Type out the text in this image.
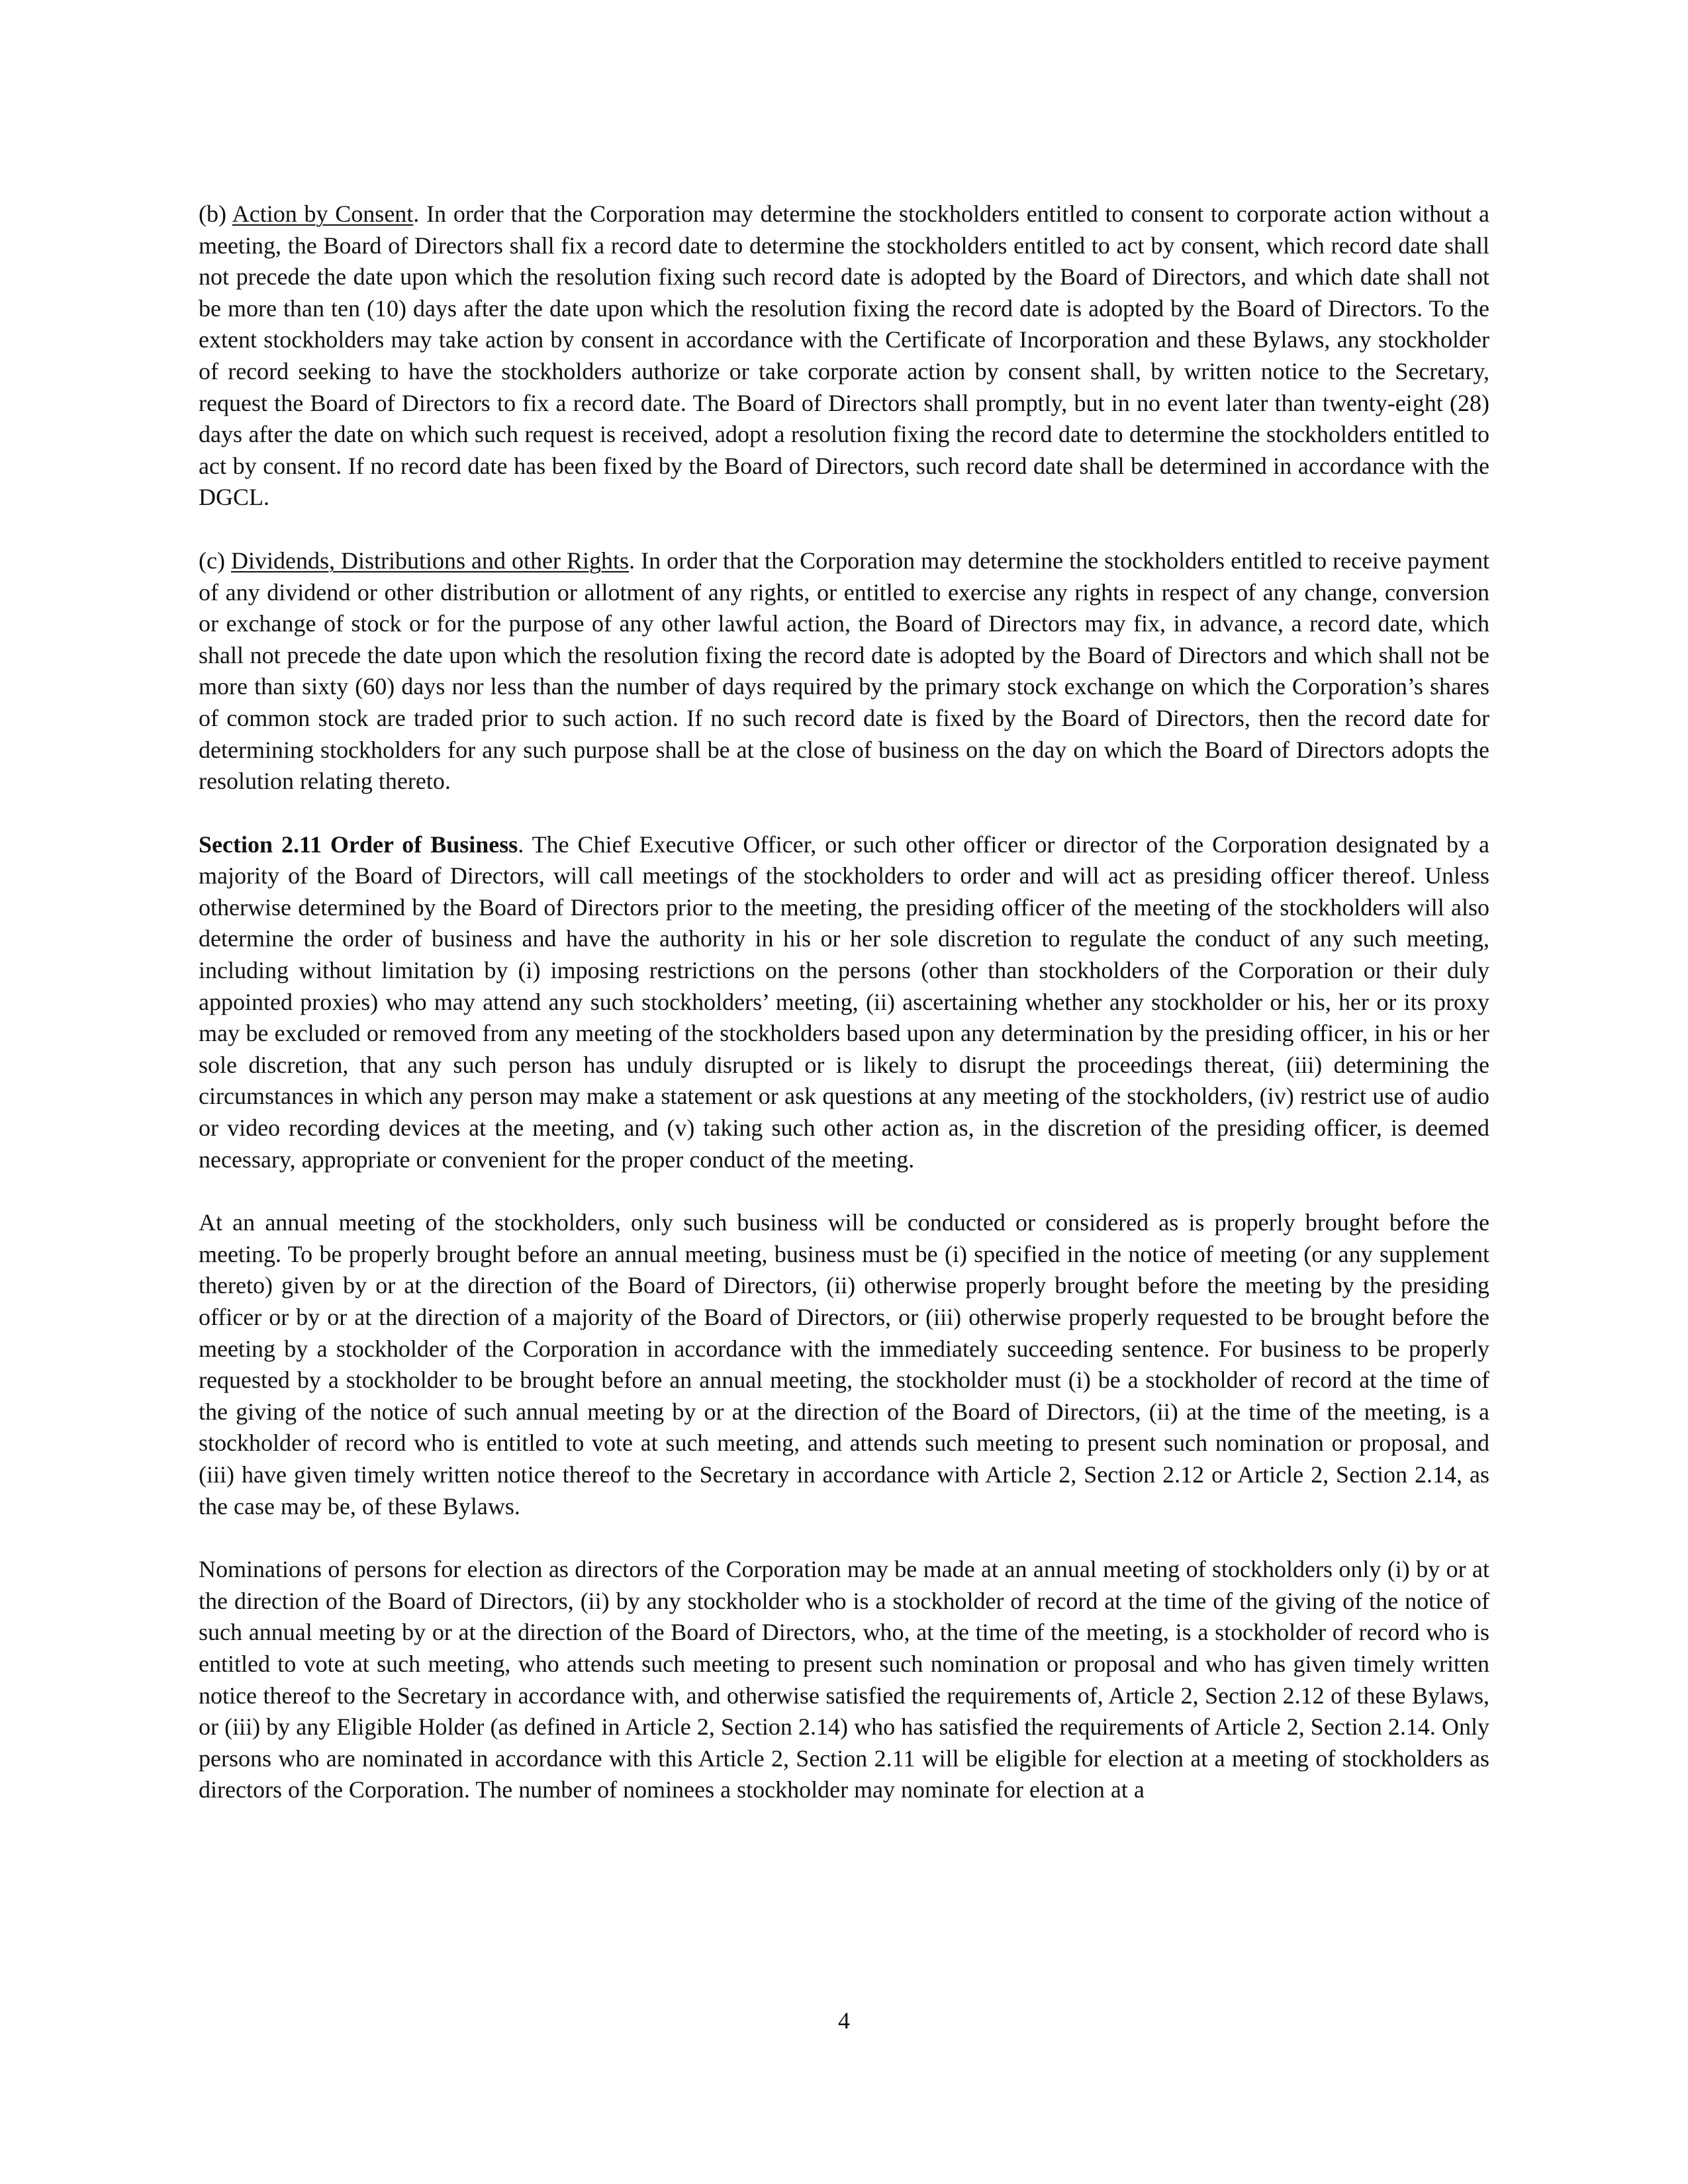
(b) Action by Consent. In order that the Corporation may determine the stockholders entitled to consent to corporate action without a meeting, the Board of Directors shall fix a record date to determine the stockholders entitled to act by consent, which record date shall not precede the date upon which the resolution fixing such record date is adopted by the Board of Directors, and which date shall not be more than ten (10) days after the date upon which the resolution fixing the record date is adopted by the Board of Directors. To the extent stockholders may take action by consent in accordance with the Certificate of Incorporation and these Bylaws, any stockholder of record seeking to have the stockholders authorize or take corporate action by consent shall, by written notice to the Secretary, request the Board of Directors to fix a record date. The Board of Directors shall promptly, but in no event later than twenty-eight (28) days after the date on which such request is received, adopt a resolution fixing the record date to determine the stockholders entitled to act by consent. If no record date has been fixed by the Board of Directors, such record date shall be determined in accordance with the DGCL.

(c) Dividends, Distributions and other Rights. In order that the Corporation may determine the stockholders entitled to receive payment of any dividend or other distribution or allotment of any rights, or entitled to exercise any rights in respect of any change, conversion or exchange of stock or for the purpose of any other lawful action, the Board of Directors may fix, in advance, a record date, which shall not precede the date upon which the resolution fixing the record date is adopted by the Board of Directors and which shall not be more than sixty (60) days nor less than the number of days required by the primary stock exchange on which the Corporation’s shares of common stock are traded prior to such action. If no such record date is fixed by the Board of Directors, then the record date for determining stockholders for any such purpose shall be at the close of business on the day on which the Board of Directors adopts the resolution relating thereto.

Section 2.11 Order of Business. The Chief Executive Officer, or such other officer or director of the Corporation designated by a majority of the Board of Directors, will call meetings of the stockholders to order and will act as presiding officer thereof. Unless otherwise determined by the Board of Directors prior to the meeting, the presiding officer of the meeting of the stockholders will also determine the order of business and have the authority in his or her sole discretion to regulate the conduct of any such meeting, including without limitation by (i) imposing restrictions on the persons (other than stockholders of the Corporation or their duly appointed proxies) who may attend any such stockholders’ meeting, (ii) ascertaining whether any stockholder or his, her or its proxy may be excluded or removed from any meeting of the stockholders based upon any determination by the presiding officer, in his or her sole discretion, that any such person has unduly disrupted or is likely to disrupt the proceedings thereat, (iii) determining the circumstances in which any person may make a statement or ask questions at any meeting of the stockholders, (iv) restrict use of audio or video recording devices at the meeting, and (v) taking such other action as, in the discretion of the presiding officer, is deemed necessary, appropriate or convenient for the proper conduct of the meeting.

At an annual meeting of the stockholders, only such business will be conducted or considered as is properly brought before the meeting. To be properly brought before an annual meeting, business must be (i) specified in the notice of meeting (or any supplement thereto) given by or at the direction of the Board of Directors, (ii) otherwise properly brought before the meeting by the presiding officer or by or at the direction of a majority of the Board of Directors, or (iii) otherwise properly requested to be brought before the meeting by a stockholder of the Corporation in accordance with the immediately succeeding sentence. For business to be properly requested by a stockholder to be brought before an annual meeting, the stockholder must (i) be a stockholder of record at the time of the giving of the notice of such annual meeting by or at the direction of the Board of Directors, (ii) at the time of the meeting, is a stockholder of record who is entitled to vote at such meeting, and attends such meeting to present such nomination or proposal, and (iii) have given timely written notice thereof to the Secretary in accordance with Article 2, Section 2.12 or Article 2, Section 2.14, as the case may be, of these Bylaws.

Nominations of persons for election as directors of the Corporation may be made at an annual meeting of stockholders only (i) by or at the direction of the Board of Directors, (ii) by any stockholder who is a stockholder of record at the time of the giving of the notice of such annual meeting by or at the direction of the Board of Directors, who, at the time of the meeting, is a stockholder of record who is entitled to vote at such meeting, who attends such meeting to present such nomination or proposal and who has given timely written notice thereof to the Secretary in accordance with, and otherwise satisfied the requirements of, Article 2, Section 2.12 of these Bylaws, or (iii) by any Eligible Holder (as defined in Article 2, Section 2.14) who has satisfied the requirements of Article 2, Section 2.14. Only persons who are nominated in accordance with this Article 2, Section 2.11 will be eligible for election at a meeting of stockholders as directors of the Corporation. The number of nominees a stockholder may nominate for election at a

4
